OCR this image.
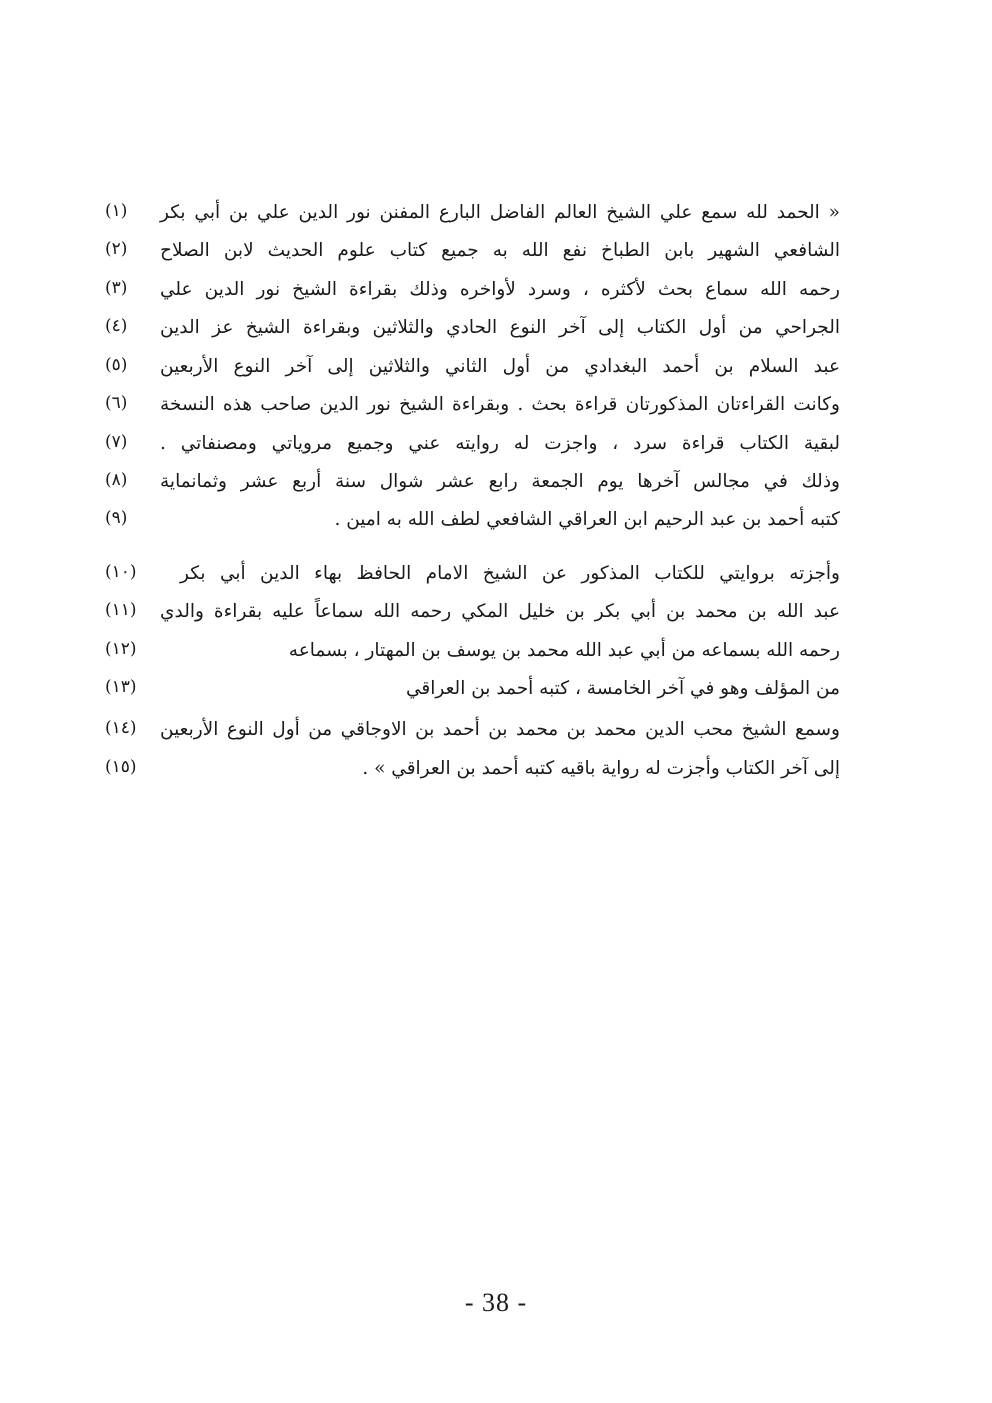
(١)	« الحمد لله سمع علي الشيخ العالم الفاضل البارع المفنن نور الدين علي بن أبي بكر
(٢)	الشافعي الشهير بابن الطباخ نفع الله به جميع كتاب علوم الحديث لابن الصلاح
(٣)	رحمه الله سماع بحث لأكثره ، وسرد لأواخره وذلك بقراءة الشيخ نور الدين علي
(٤)	الجراحي من أول الكتاب إلى آخر النوع الحادي والثلاثين وبقراءة الشيخ عز الدين
(٥)	عبد السلام بن أحمد البغدادي من أول الثاني والثلاثين إلى آخر النوع الأربعين
(٦)	وكانت القراءتان المذكورتان قراءة بحث . وبقراءة الشيخ نور الدين صاحب هذه النسخة
(٧)	لبقية الكتاب قراءة سرد ، واجزت له روايته عني وجميع مروياتي ومصنفاتي .
(٨)	وذلك في مجالس آخرها يوم الجمعة رابع عشر شوال سنة أربع عشر وثمانماية
(٩)	كتبه أحمد بن عبد الرحيم ابن العراقي الشافعي لطف الله به امين .
(١٠)	وأجزته بروايتي للكتاب المذكور عن الشيخ الامام الحافظ بهاء الدين أبي بكر
(١١)	عبد الله بن محمد بن أبي بكر بن خليل المكي رحمه الله سماعاً عليه بقراءة والدي
(١٢)	رحمه الله بسماعه من أبي عبد الله محمد بن يوسف بن المهتار ، بسماعه
(١٣)	من المؤلف وهو في آخر الخامسة ، كتبه أحمد بن العراقي
(١٤)	وسمع الشيخ محب الدين محمد بن محمد بن أحمد بن الاوجاقي من أول النوع الأربعين
(١٥)	إلى آخر الكتاب وأجزت له رواية باقيه كتبه أحمد بن العراقي » .
- 38 -
